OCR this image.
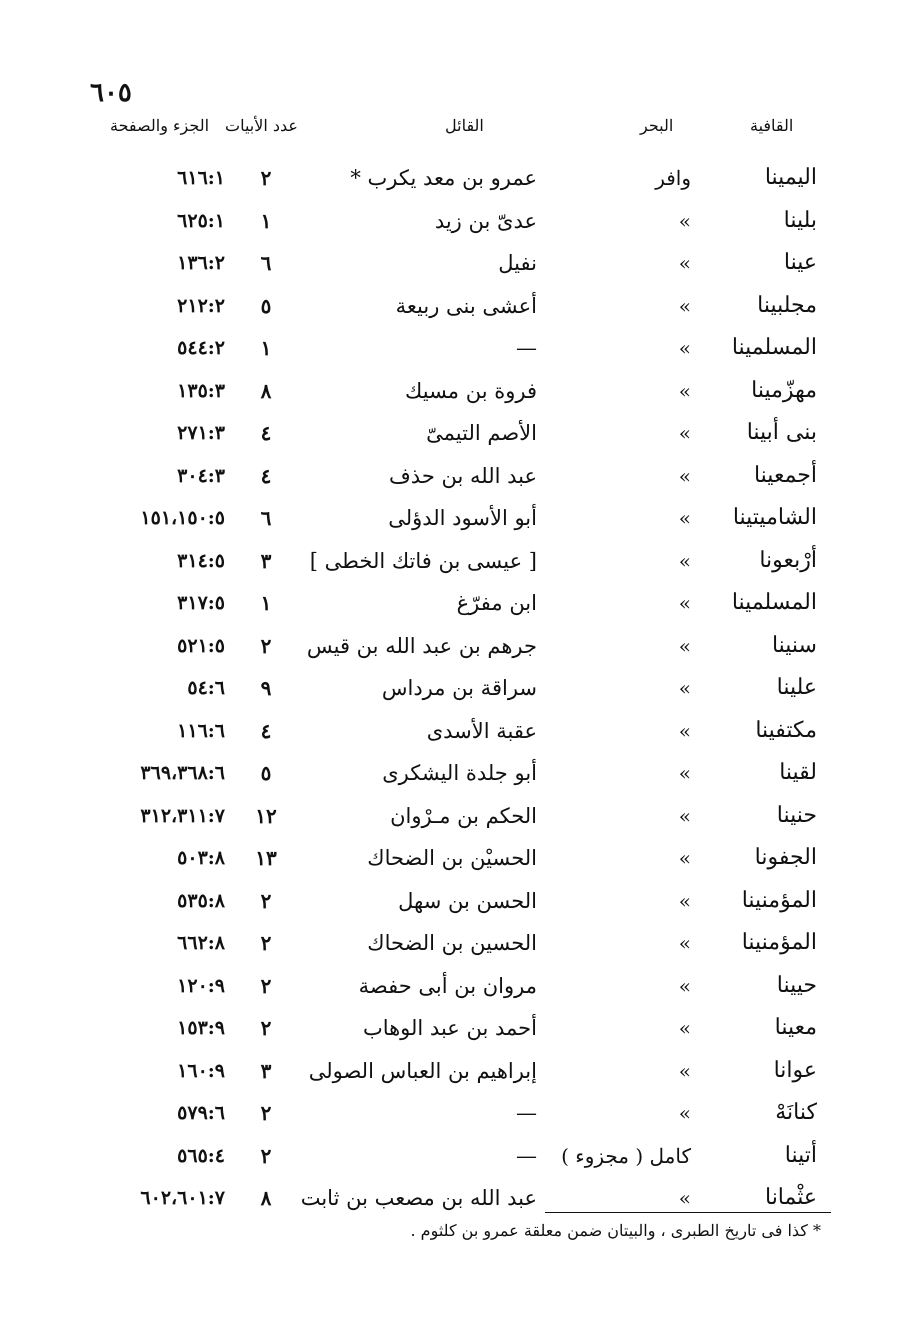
٦٠٥
القافية
البحر
القائل
عدد الأبيات
الجزء والصفحة
اليمينا
وافر
عمرو بن معد يكرب *
٢
٦١٦:١
بلينا
»
عدىّ بن زيد
١
٦٢٥:١
عينا
»
نفيل
٦
١٣٦:٢
مجلبينا
»
أعشى بنى ربيعة
٥
٢١٢:٢
المسلمينا
»
—
١
٥٤٤:٢
مهزّمينا
»
فروة بن مسيك
٨
١٣٥:٣
بنى أبينا
»
الأصم التيمىّ
٤
٢٧١:٣
أجمعينا
»
عبد الله بن حذف
٤
٣٠٤:٣
الشاميتينا
»
أبو الأسود الدؤلى
٦
١٥١،١٥٠:٥
أرْبعونا
»
[ عيسى بن فاتك الخطى ]
٣
٣١٤:٥
المسلمينا
»
ابن مفرّغ
١
٣١٧:٥
سنينا
»
جرهم بن عبد الله بن قيس
٢
٥٢١:٥
علينا
»
سراقة بن مرداس
٩
٥٤:٦
مكتفينا
»
عقبة الأسدى
٤
١١٦:٦
لقينا
»
أبو جلدة اليشكرى
٥
٣٦٩،٣٦٨:٦
حنينا
»
الحكم بن مـرْوان
١٢
٣١٢،٣١١:٧
الجفونا
»
الحسيْن بن الضحاك
١٣
٥٠٣:٨
المؤمنينا
»
الحسن بن سهل
٢
٥٣٥:٨
المؤمنينا
»
الحسين بن الضحاك
٢
٦٦٢:٨
حيينا
»
مروان بن أبى حفصة
٢
١٢٠:٩
معينا
»
أحمد بن عبد الوهاب
٢
١٥٣:٩
عوانا
»
إبراهيم بن العباس الصولى
٣
١٦٠:٩
كنانَهْ
»
—
٢
٥٧٩:٦
أتينا
كامل ( مجزوء )
—
٢
٥٦٥:٤
عثْمانا
»
عبد الله بن مصعب بن ثابت
٨
٦٠٢،٦٠١:٧
* كذا فى تاريخ الطبرى ، والبيتان ضمن معلقة عمرو بن كلثوم .
